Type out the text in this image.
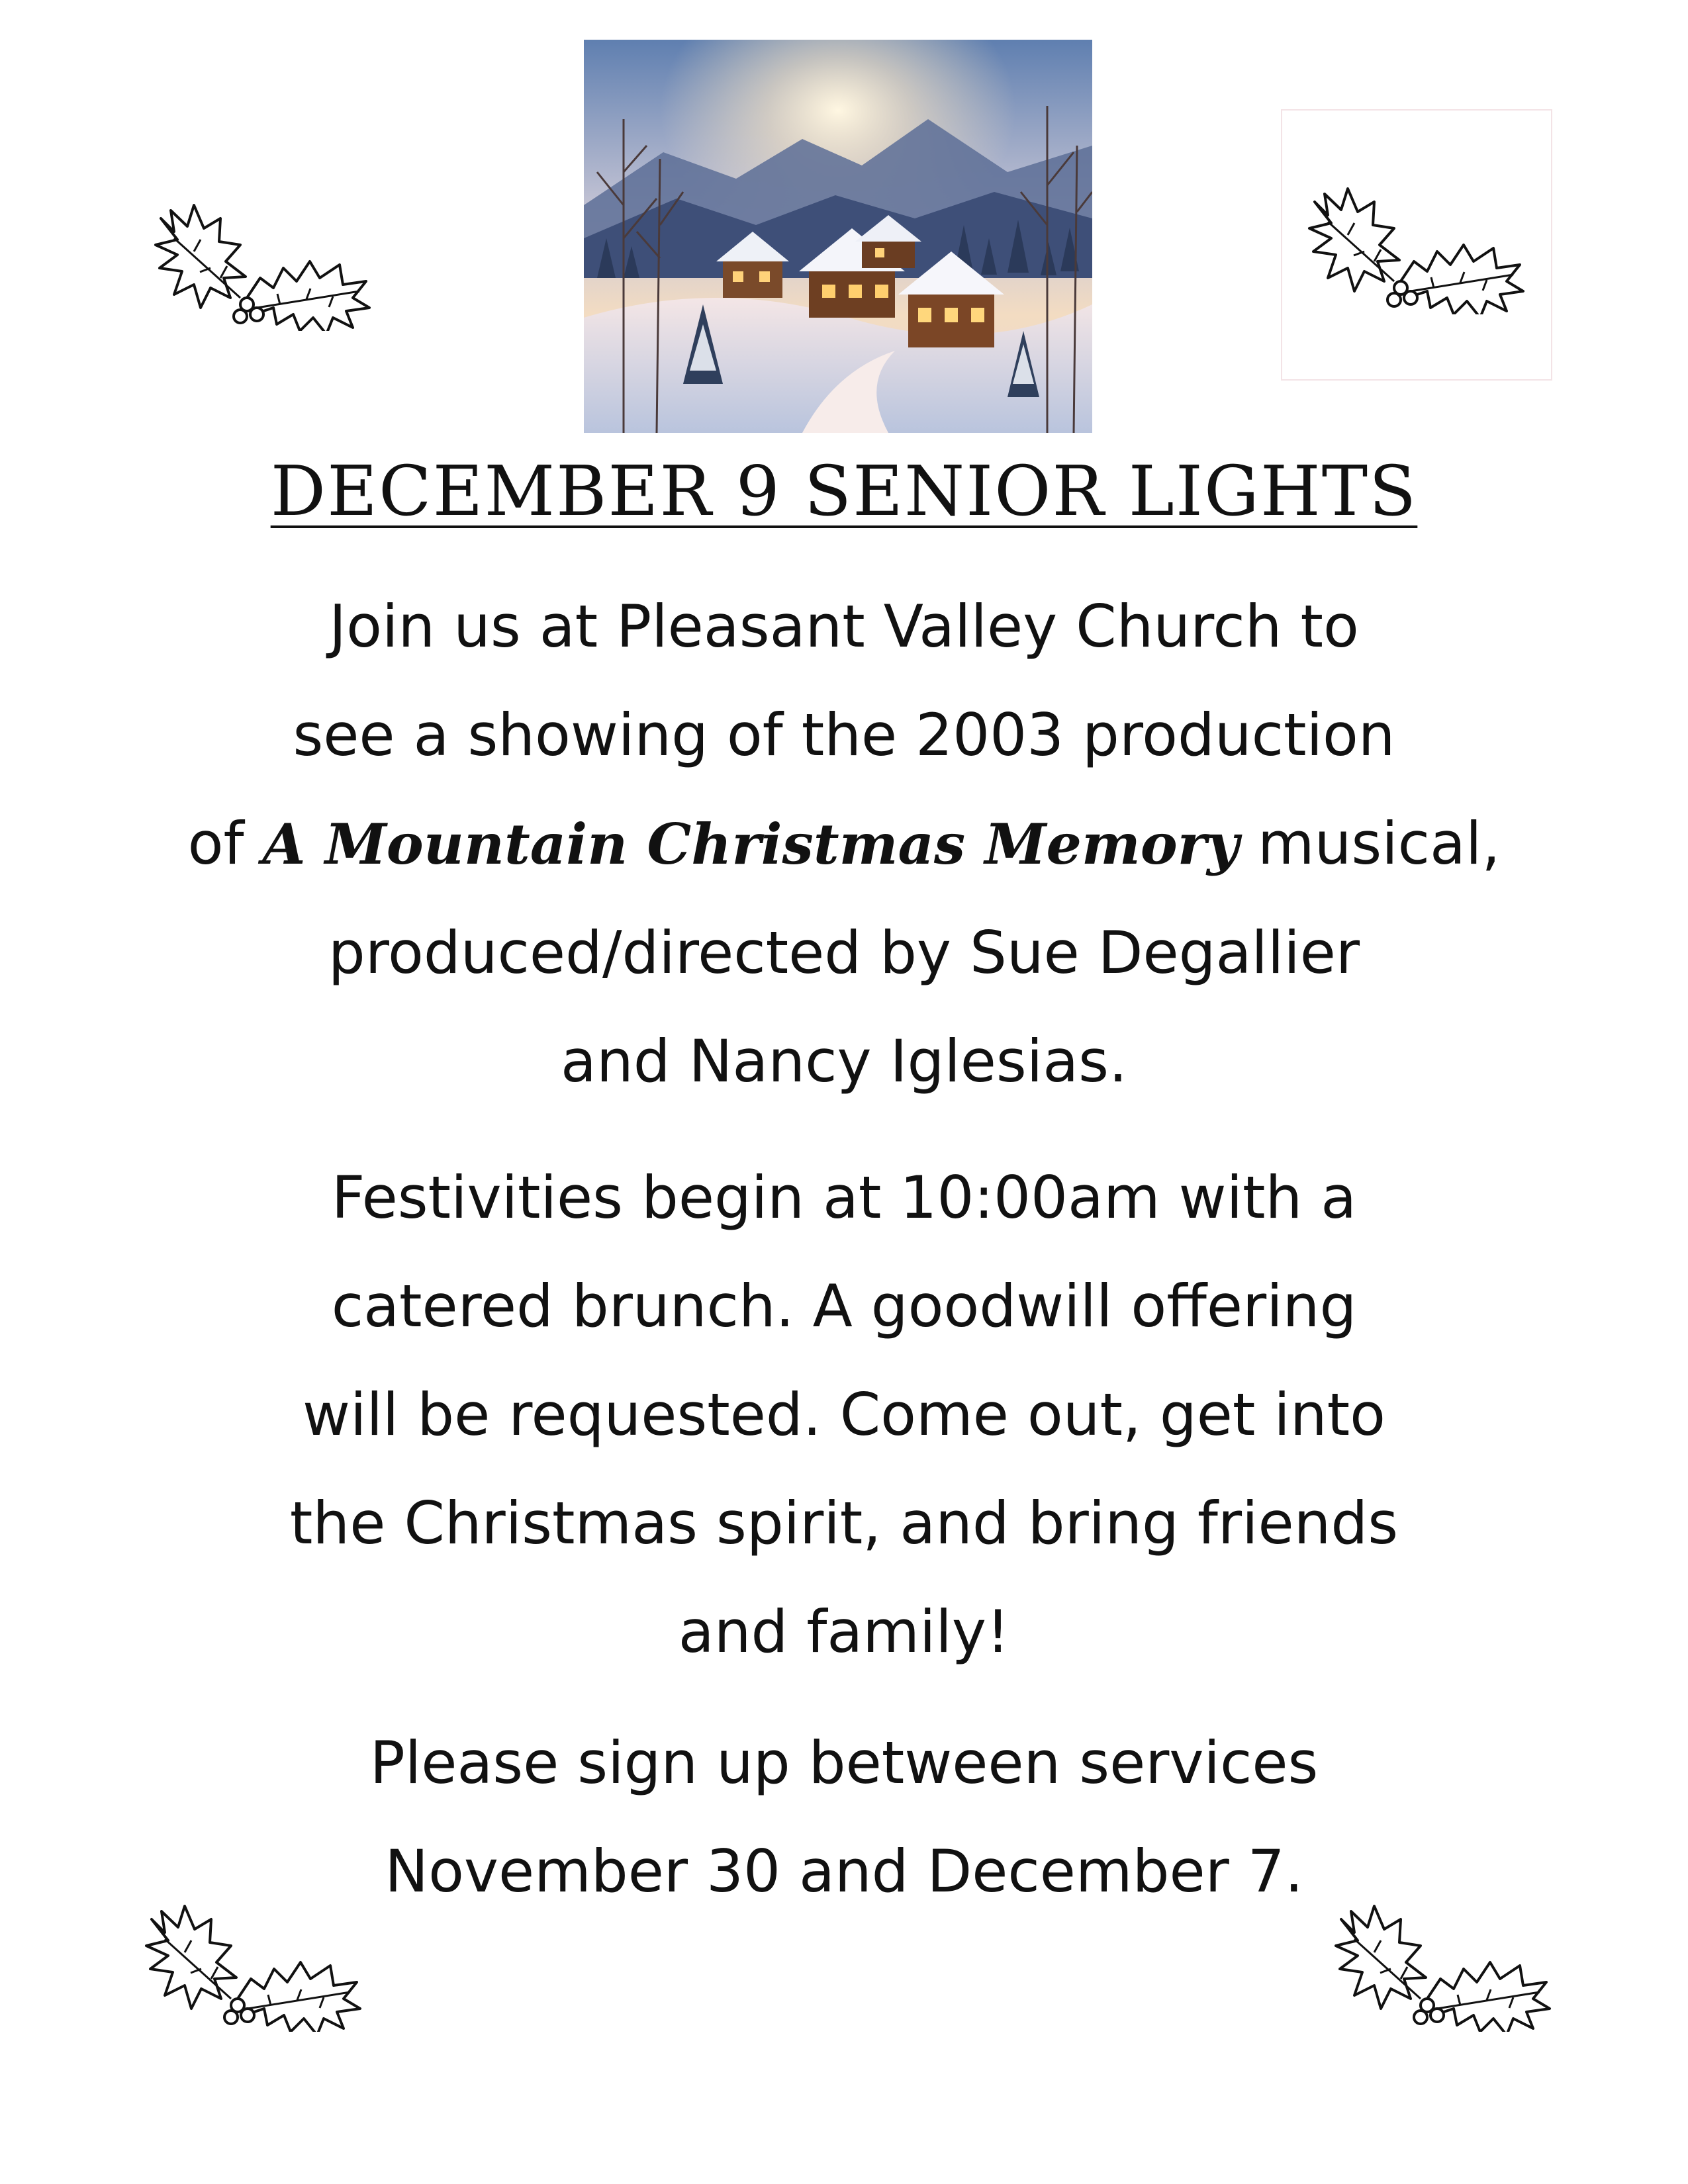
DECEMBER 9 SENIOR LIGHTS
Join us at Pleasant Valley Church to
see a showing of the 2003 production
of A Mountain Christmas Memory musical,
produced/directed by Sue Degallier
and Nancy Iglesias.
Festivities begin at 10:00am with a
catered brunch. A goodwill offering
will be requested. Come out, get into
the Christmas spirit, and bring friends
and family!
Please sign up between services
November 30 and December 7.
